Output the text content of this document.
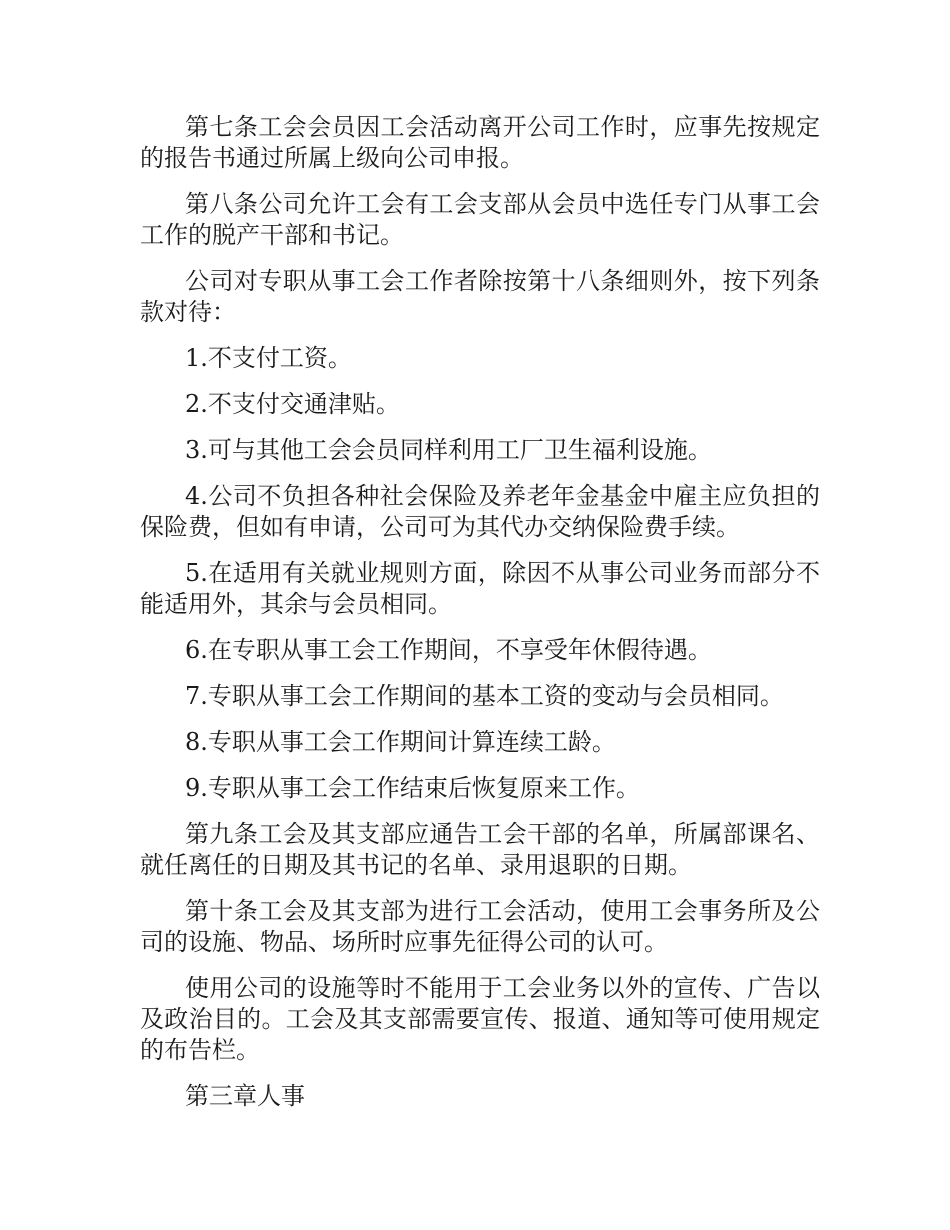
第七条工会会员因工会活动离开公司工作时，应事先按规定的报告书通过所属上级向公司申报。

第八条公司允许工会有工会支部从会员中选任专门从事工会工作的脱产干部和书记。

公司对专职从事工会工作者除按第十八条细则外，按下列条款对待：

1.不支付工资。

2.不支付交通津贴。

3.可与其他工会会员同样利用工厂卫生福利设施。

4.公司不负担各种社会保险及养老年金基金中雇主应负担的保险费，但如有申请，公司可为其代办交纳保险费手续。

5.在适用有关就业规则方面，除因不从事公司业务而部分不能适用外，其余与会员相同。

6.在专职从事工会工作期间，不享受年休假待遇。

7.专职从事工会工作期间的基本工资的变动与会员相同。

8.专职从事工会工作期间计算连续工龄。

9.专职从事工会工作结束后恢复原来工作。

第九条工会及其支部应通告工会干部的名单，所属部课名、就任离任的日期及其书记的名单、录用退职的日期。

第十条工会及其支部为进行工会活动，使用工会事务所及公司的设施、物品、场所时应事先征得公司的认可。

使用公司的设施等时不能用于工会业务以外的宣传、广告以及政治目的。工会及其支部需要宣传、报道、通知等可使用规定的布告栏。

第三章人事
